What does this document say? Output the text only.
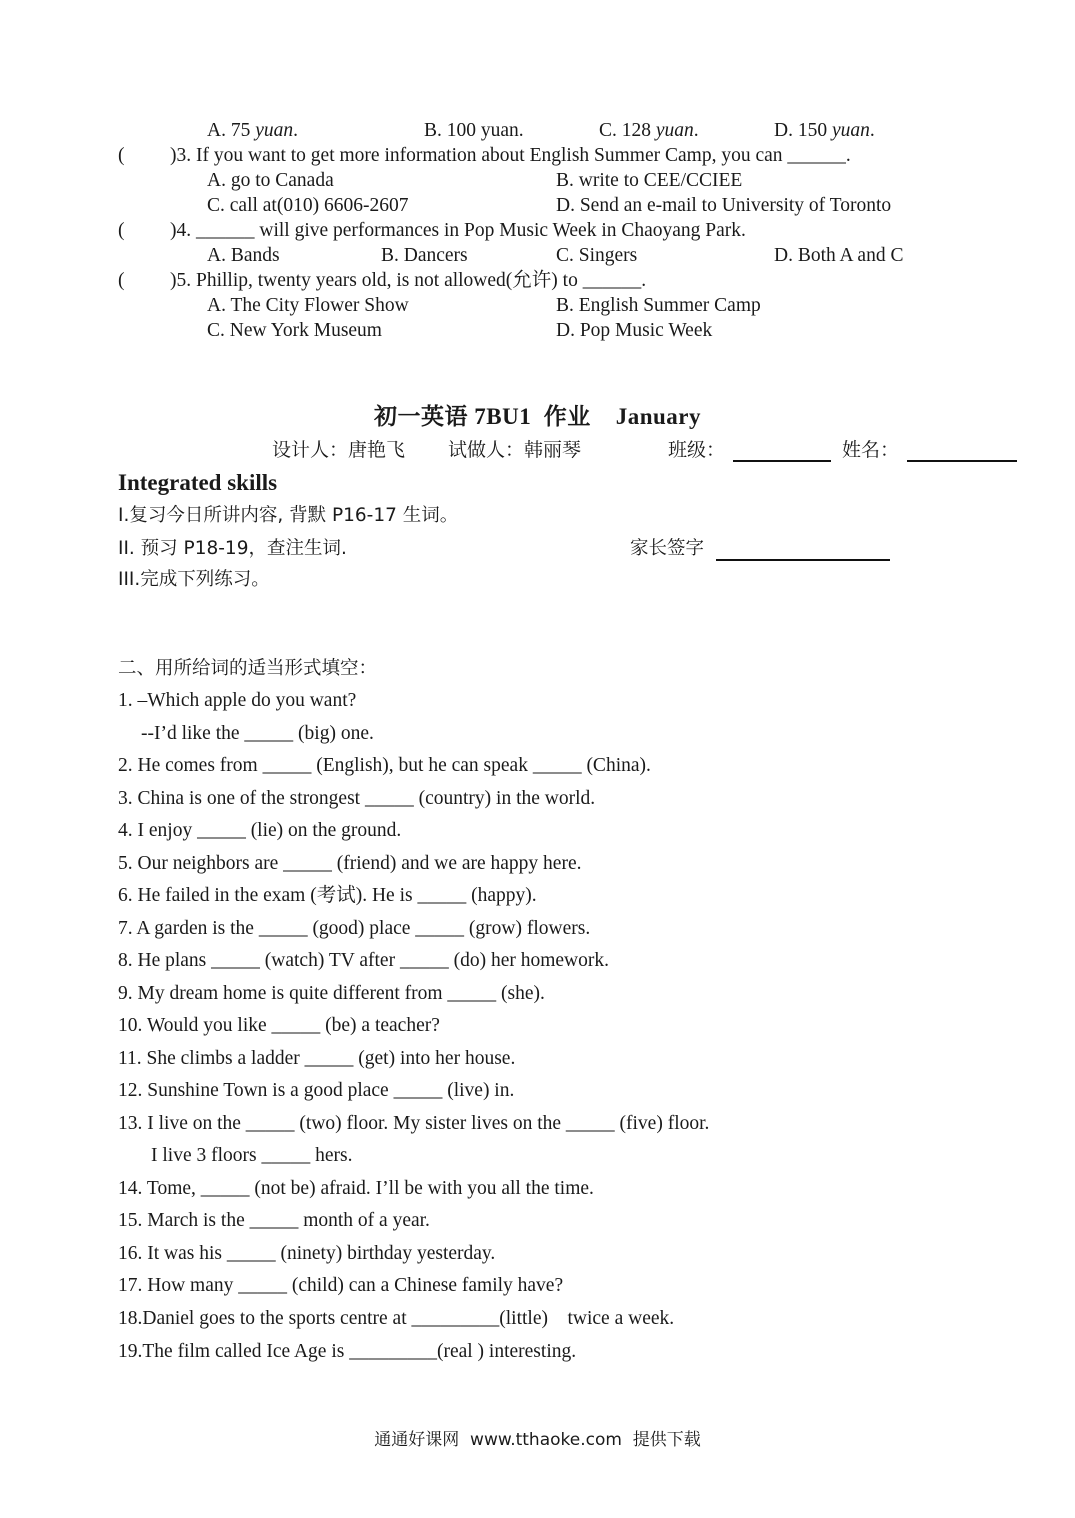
A. 75 yuan.	B. 100 yuan.	C. 128 yuan.	D. 150 yuan.
( )3. If you want to get more information about English Summer Camp, you can ______.
A. go to Canada	B. write to CEE/CCIEE
C. call at(010) 6606-2607	D. Send an e-mail to University of Toronto
( )4. ______ will give performances in Pop Music Week in Chaoyang Park.
A. Bands	B. Dancers	C. Singers	D. Both A and C
( )5. Phillip, twenty years old, is not allowed(允许) to ______.
A. The City Flower Show	B. English Summer Camp
C. New York Museum	D. Pop Music Week
初一英语 7BU1  作业    January
设计人：唐艳飞 试做人：韩丽琴	班级：	姓名：
Integrated skills
I.复习今日所讲内容, 背默 P16-17 生词。
II. 预习 P18-19，查注生词.	家长签字
III.完成下列练习。
二、用所给词的适当形式填空：
1. –Which apple do you want?
--I’d like the _____ (big) one.
2. He comes from _____ (English), but he can speak _____ (China).
3. China is one of the strongest _____ (country) in the world.
4. I enjoy _____ (lie) on the ground.
5. Our neighbors are _____ (friend) and we are happy here.
6. He failed in the exam (考试). He is _____ (happy).
7. A garden is the _____ (good) place _____ (grow) flowers.
8. He plans _____ (watch) TV after _____ (do) her homework.
9. My dream home is quite different from _____ (she).
10. Would you like _____ (be) a teacher?
11. She climbs a ladder _____ (get) into her house.
12. Sunshine Town is a good place _____ (live) in.
13. I live on the _____ (two) floor. My sister lives on the _____ (five) floor.
I live 3 floors _____ hers.
14. Tome, _____ (not be) afraid. I’ll be with you all the time.
15. March is the _____ month of a year.
16. It was his _____ (ninety) birthday yesterday.
17. How many _____ (child) can a Chinese family have?
18.Daniel goes to the sports centre at _________(little)    twice a week.
19.The film called Ice Age is _________(real ) interesting.
通通好课网  www.tthaoke.com  提供下载
